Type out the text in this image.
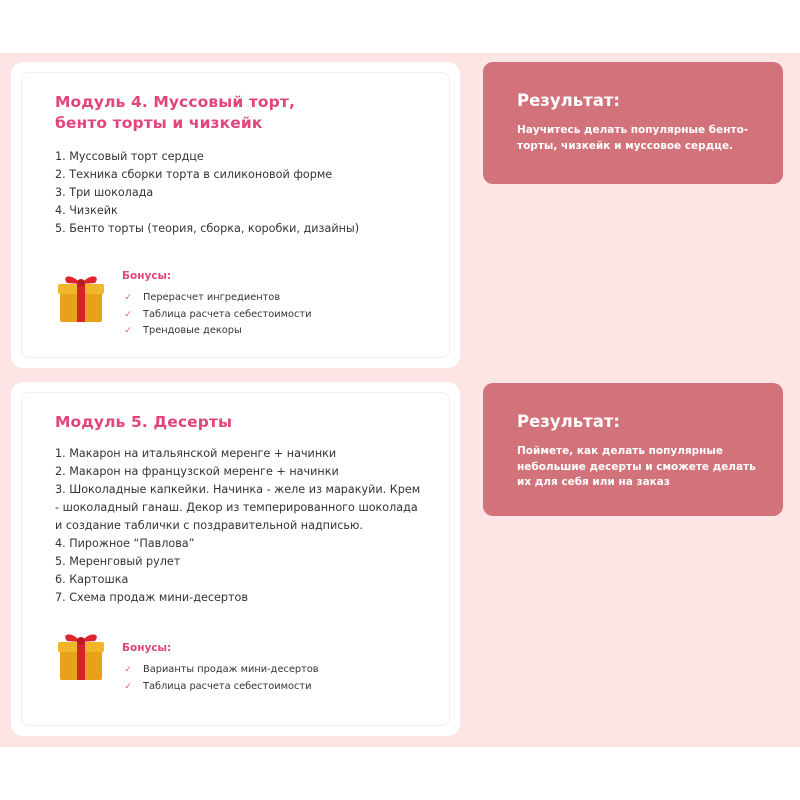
Модуль 4. Муссовый торт, бенто торты и чизкейк
1. Муссовый торт сердце
2. Техника сборки торта в силиконовой форме
3. Три шоколада
4. Чизкейк
5. Бенто торты (теория, сборка, коробки, дизайны)
Бонусы:
✓ Перерасчет ингредиентов
✓ Таблица расчета себестоимости
✓ Трендовые декоры
Результат:

Научитесь делать популярные бенто-торты, чизкейк и муссовое сердце.

Модуль 5. Десерты
1. Макарон на итальянской меренге + начинки
2. Макарон на французской меренге + начинки
3. Шоколадные капкейки. Начинка - желе из маракуйи. Крем - шоколадный ганаш. Декор из темперированного шоколада и создание таблички с поздравительной надписью.
4. Пирожное “Павлова”
5. Меренговый рулет
6. Картошка
7. Схема продаж мини-десертов
Бонусы:
✓ Варианты продаж мини-десертов
✓ Таблица расчета себестоимости
Результат:

Поймете, как делать популярные небольшие десерты и сможете делать их для себя или на заказ
